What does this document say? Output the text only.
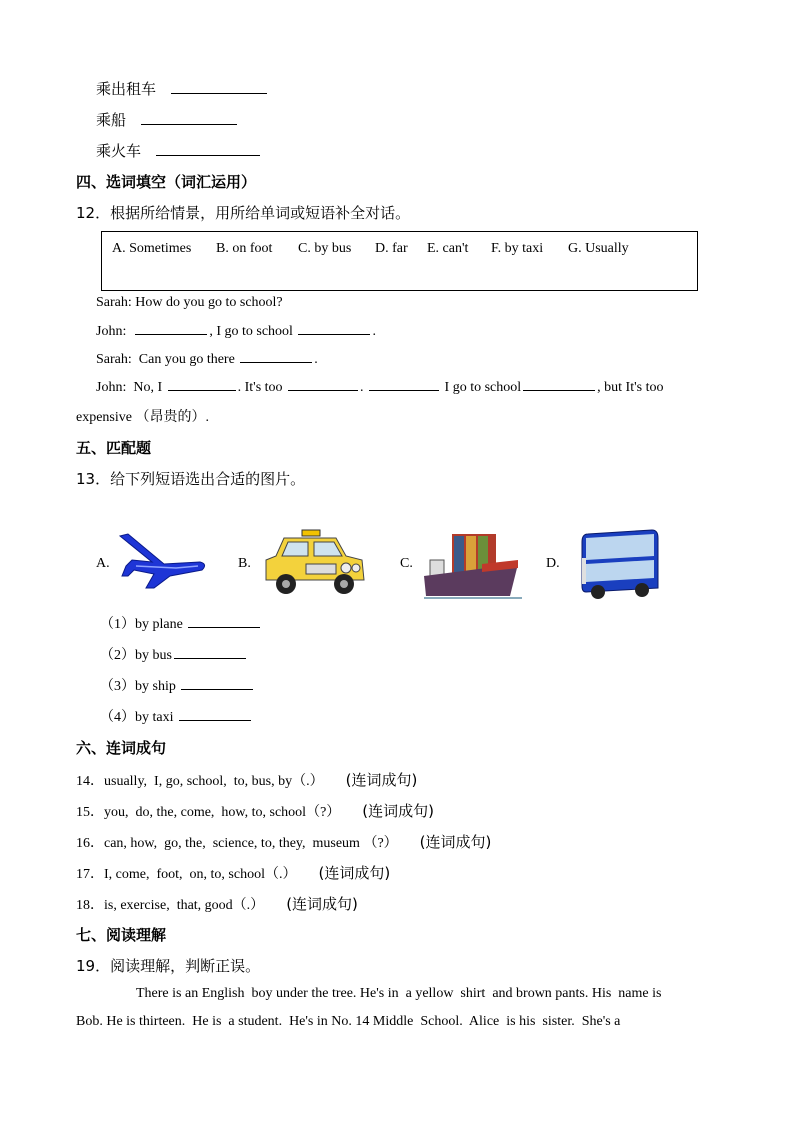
乘出租车
乘船
乘火车
四、选词填空（词汇运用）
12．根据所给情景，用所给单词或短语补全对话。
A. Sometimes B. on foot C. by bus D. far E. can't F. by taxi G. Usually
Sarah: How do you go to school?
John:	, I go to school	.
Sarah:  Can you go there	.
John:  No, I	. It's too	.	I go to school	, but It's too
expensive （昂贵的）.
五、匹配题
13．给下列短语选出合适的图片。
A.	B.	C.	D.
（1）by plane
（2）by bus
（3）by ship
（4）by taxi
六、连词成句
14．usually,  I, go, school,  to, bus, by（.） (连词成句)
15．you,  do, the, come,  how, to, school（?） (连词成句)
16．can, how,  go, the,  science, to, they,  museum （?） (连词成句)
17．I, come,  foot,  on, to, school（.） (连词成句)
18．is, exercise,  that, good（.） (连词成句)
七、阅读理解
19．阅读理解，判断正误。
There is an English  boy under the tree. He's in  a yellow  shirt  and brown pants. His  name is
Bob. He is thirteen.  He is  a student.  He's in No. 14 Middle  School.  Alice  is his  sister.  She's a
